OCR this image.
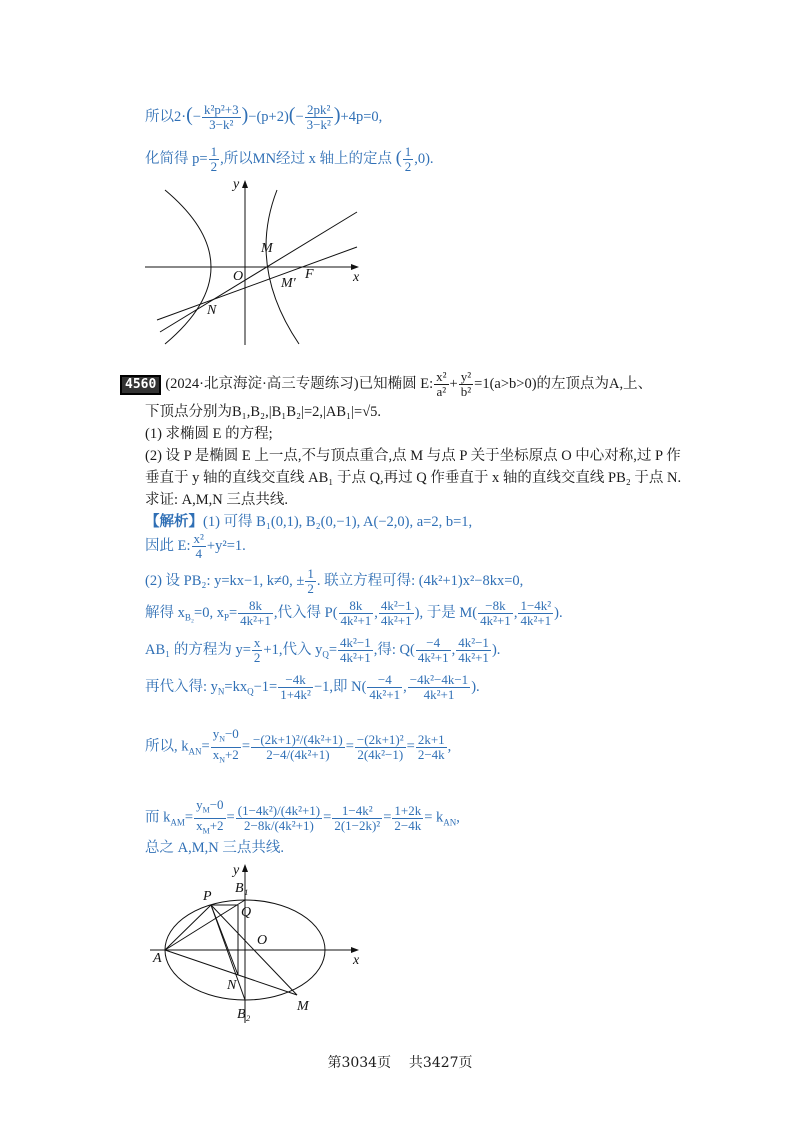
所以$2\cdot(- \frac{\text{k²p²+3}}{\text{3−k²}} )-(p+2)(- \frac{\text{2pk²}}{\text{3−k²}} )+4p=0$,
化简得 $p= \frac{1}{2}$ ,所以MN经过 x 轴上的定点 ( $\frac{1}{2} ,0$).
y
x
O
M
M′
F
N
4560 (2024·北京海淀·高三专题练习)已知椭圆 E: $\frac{\text{x²}}{\text{a²}} + \frac{\text{y²}}{\text{b²}} =1(a>b>0)$的左顶点为A,上、
下顶点分别为B₁,B₂,|B₁B₂|=2,|AB₁|=√5.
(1) 求椭圆 E 的方程;
(2) 设 P 是椭圆 E 上一点,不与顶点重合,点 M 与点 P 关于坐标原点 O 中心对称,过 P 作
垂直于 y 轴的直线交直线 AB₁ 于点 Q,再过 Q 作垂直于 x 轴的直线交直线 PB₂ 于点 N.
求证: A,M,N 三点共线.
【解析】(1) 可得 B₁(0,1), B₂(0,−1), A(−2,0), a=2, b=1,
因此 E: $\frac{\text{x²}}{4} +y^2=1$.
(2) 设 PB₂: y=kx−1, k≠0, ± $\frac{1}{2}$ . 联立方程可得: (4k²+1)x²−8kx=0,
解得 $x_{B_2}=0$, $x_P= \frac{8k}{\text{4k²+1}}$ ,代入得 $P( \frac{8k}{\text{4k²+1}}$ , $\frac{\text{4k²−1}}{\text{4k²+1}}$ ), 于是 $M( \frac{-8k}{\text{4k²+1}}$ , $\frac{\text{1−4k²}}{\text{4k²+1}}$ ).
AB₁ 的方程为 $y= \frac{x}{2} +1$,代入 $y_Q= \frac{\text{4k²−1}}{\text{4k²+1}}$ ,得: $Q( \frac{-4}{\text{4k²+1}}$ , $\frac{\text{4k²−1}}{\text{4k²+1}}$ ).
再代入得: $y_N=kx_Q-1= \frac{-4k}{\text{1+4k²}} -1$,即 $N( \frac{-4}{\text{4k²+1}}$ , $\frac{\text{−4k²−4k−1}}{\text{4k²+1}}$ ).
所以, $k_{AN}= \frac{y_N-0}{x_N+2} = \frac{\text{−(2k+1)²/(4k²+1)}}{\text{2−4/(4k²+1)}} = \frac{\text{−(2k+1)²}}{\text{2(4k²−1)}} = \frac{2k+1}{2-4k}$ ,
而 $k_{AM}= \frac{y_M-0}{x_M+2} = \frac{\text{(1−4k²)/(4k²+1)}}{\text{2−8k/(4k²+1)}} = \frac{\text{1−4k²}}{\text{2(1−2k)²}} = \frac{1+2k}{2-4k} = k_{AN}$,
总之 A,M,N 三点共线.
y
x
O
P
B₁
Q
A
N
M
B₂
第3034页 共3427页
